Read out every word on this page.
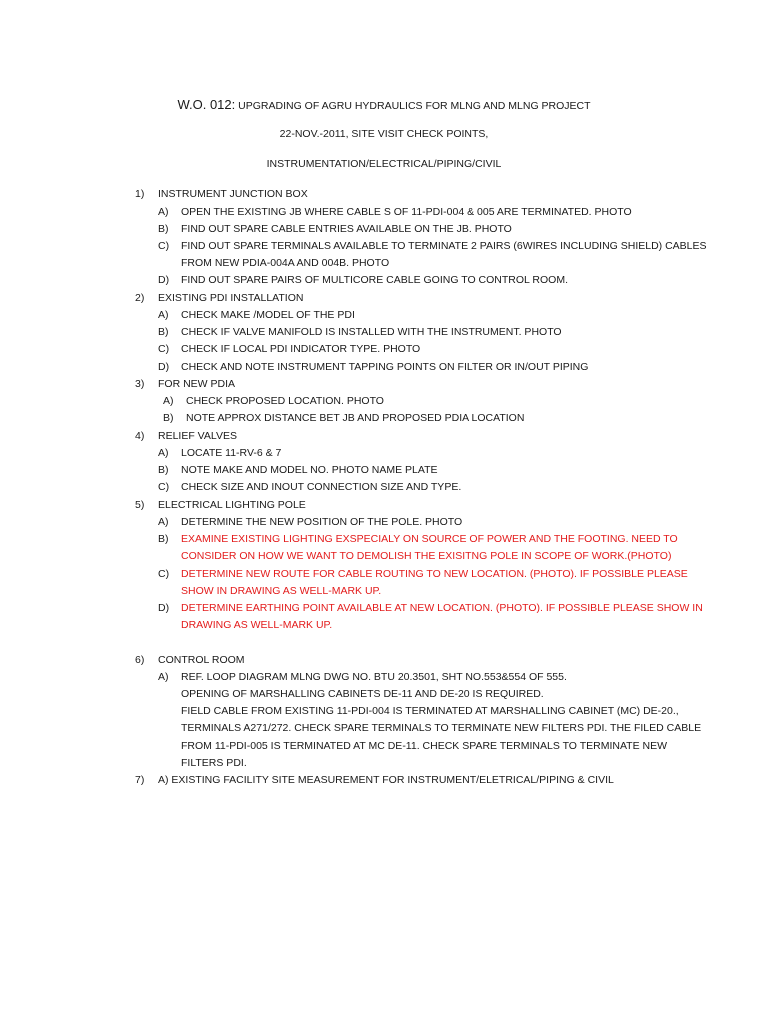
W.O. 012: UPGRADING OF AGRU HYDRAULICS FOR MLNG AND MLNG PROJECT
22-NOV.-2011, SITE VISIT CHECK POINTS,
INSTRUMENTATION/ELECTRICAL/PIPING/CIVIL
1) INSTRUMENT JUNCTION BOX
A) OPEN THE EXISTING JB WHERE CABLE S OF 11-PDI-004 & 005 ARE TERMINATED. PHOTO
B) FIND OUT SPARE CABLE ENTRIES AVAILABLE ON THE JB. PHOTO
C) FIND OUT SPARE TERMINALS AVAILABLE TO TERMINATE 2 PAIRS (6WIRES INCLUDING SHIELD) CABLES
FROM NEW PDIA-004A AND 004B. PHOTO
D) FIND OUT SPARE PAIRS OF MULTICORE CABLE GOING TO CONTROL ROOM.
2) EXISTING PDI INSTALLATION
A) CHECK MAKE /MODEL OF THE PDI
B) CHECK IF VALVE MANIFOLD IS INSTALLED WITH THE INSTRUMENT. PHOTO
C) CHECK IF LOCAL PDI INDICATOR TYPE. PHOTO
D) CHECK AND NOTE INSTRUMENT TAPPING POINTS ON FILTER OR IN/OUT PIPING
3) FOR NEW PDIA
A) CHECK PROPOSED LOCATION. PHOTO
B) NOTE APPROX DISTANCE BET JB AND PROPOSED PDIA LOCATION
4) RELIEF VALVES
A) LOCATE 11-RV-6 & 7
B) NOTE MAKE AND MODEL NO. PHOTO NAME PLATE
C) CHECK SIZE AND INOUT CONNECTION SIZE AND TYPE.
5) ELECTRICAL LIGHTING POLE
A) DETERMINE THE NEW POSITION OF THE POLE. PHOTO
B) EXAMINE EXISTING LIGHTING EXSPECIALY ON SOURCE OF POWER AND THE FOOTING. NEED TO
CONSIDER ON HOW WE WANT TO DEMOLISH THE EXISITNG POLE IN SCOPE OF WORK.(PHOTO)
C) DETERMINE NEW ROUTE FOR CABLE ROUTING TO NEW LOCATION. (PHOTO). IF POSSIBLE PLEASE
SHOW IN DRAWING AS WELL-MARK UP.
D) DETERMINE EARTHING POINT AVAILABLE AT NEW LOCATION. (PHOTO). IF POSSIBLE PLEASE SHOW IN
DRAWING AS WELL-MARK UP.
6) CONTROL ROOM
A) REF. LOOP DIAGRAM MLNG DWG NO. BTU 20.3501, SHT NO.553&554 OF 555.
OPENING OF MARSHALLING CABINETS DE-11 AND DE-20 IS REQUIRED.
FIELD CABLE FROM EXISTING 11-PDI-004 IS TERMINATED AT MARSHALLING CABINET (MC) DE-20.,
TERMINALS A271/272. CHECK SPARE TERMINALS TO TERMINATE NEW FILTERS PDI. THE FILED CABLE
FROM 11-PDI-005 IS TERMINATED AT MC DE-11. CHECK SPARE TERMINALS TO TERMINATE NEW
FILTERS PDI.
7) A) EXISTING FACILITY SITE MEASUREMENT FOR INSTRUMENT/ELETRICAL/PIPING & CIVIL
